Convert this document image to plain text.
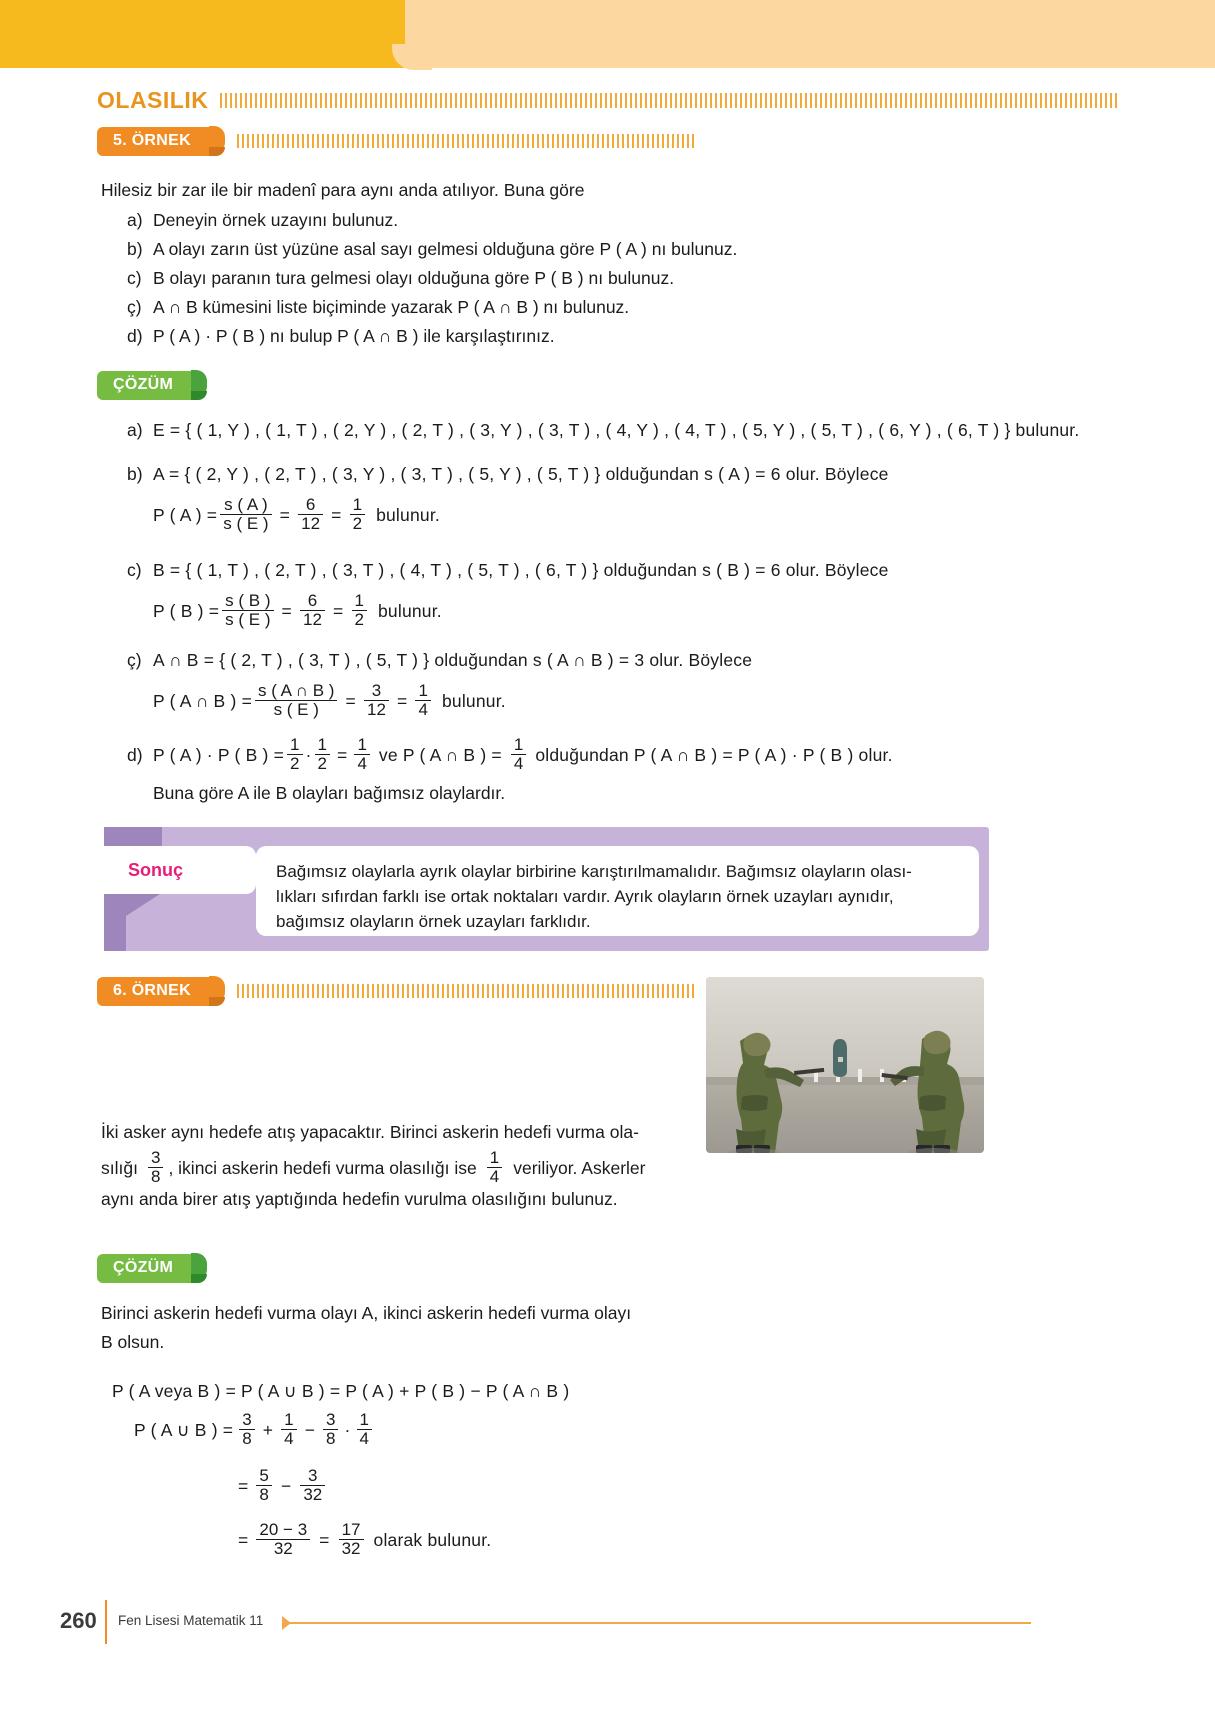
OLASILIK
5. ÖRNEK
Hilesiz bir zar ile bir madenî para aynı anda atılıyor. Buna göre
a) Deneyin örnek uzayını bulunuz.
b) A olayı zarın üst yüzüne asal sayı gelmesi olduğuna göre P ( A ) nı bulunuz.
c) B olayı paranın tura gelmesi olayı olduğuna göre P ( B ) nı bulunuz.
ç) A ∩ B kümesini liste biçiminde yazarak P ( A ∩ B ) nı bulunuz.
d) P ( A ) · P ( B ) nı bulup P ( A ∩ B ) ile karşılaştırınız.
ÇÖZÜM
a) E = { ( 1, Y ) , ( 1, T ) , ( 2, Y ) , ( 2, T ) , ( 3, Y ) , ( 3, T ) , ( 4, Y ) , ( 4, T ) , ( 5, Y ) , ( 5, T ) , ( 6, Y ) , ( 6, T ) } bulunur.
b) A = { ( 2, Y ) , ( 2, T ) , ( 3, Y ) , ( 3, T ) , ( 5, Y ) , ( 5, T ) } olduğundan s ( A ) = 6 olur. Böylece
P ( A ) = $\frac{s ( A )}{s ( E )} = \frac{6}{12} = \frac{1}{2}$ bulunur.
c) B = { ( 1, T ) , ( 2, T ) , ( 3, T ) , ( 4, T ) , ( 5, T ) , ( 6, T ) } olduğundan s ( B ) = 6 olur. Böylece
P ( B ) = $\frac{s ( B )}{s ( E )} = \frac{6}{12} = \frac{1}{2}$ bulunur.
ç) A ∩ B = { ( 2, T ) , ( 3, T ) , ( 5, T ) } olduğundan s ( A ∩ B ) = 3 olur. Böylece
P ( A ∩ B ) = $\frac{s ( A \cap B )}{s ( E )} = \frac{3}{12} = \frac{1}{4}$ bulunur.
d) P ( A ) · P ( B ) = $\frac{1}{2} \cdot \frac{1}{2} = \frac{1}{4}$ ve P ( A ∩ B ) = $\frac{1}{4}$ olduğundan P ( A ∩ B ) = P ( A ) · P ( B ) olur.
Buna göre A ile B olayları bağımsız olaylardır.
Sonuç	Bağımsız olaylarla ayrık olaylar birbirine karıştırılmamalıdır. Bağımsız olayların olası-

lıkları sıfırdan farklı ise ortak noktaları vardır. Ayrık olayların örnek uzayları aynıdır,

bağımsız olayların örnek uzayları farklıdır.

6. ÖRNEK
İki asker aynı hedefe atış yapacaktır. Birinci askerin hedefi vurma ola-
sılığı $\frac{3}{8}$ , ikinci askerin hedefi vurma olasılığı ise $\frac{1}{4}$ veriliyor. Askerler
aynı anda birer atış yaptığında hedefin vurulma olasılığını bulunuz.
ÇÖZÜM
Birinci askerin hedefi vurma olayı A, ikinci askerin hedefi vurma olayı
B olsun.
P ( A veya B ) = P ( A ∪ B ) = P ( A ) + P ( B ) − P ( A ∩ B )
P ( A ∪ B ) = $\frac{3}{8} + \frac{1}{4} - \frac{3}{8} \cdot \frac{1}{4}$
= $\frac{5}{8} - \frac{3}{32}$
= $\frac{20 - 3}{32} = \frac{17}{32}$ olarak bulunur.
260 Fen Lisesi Matematik 11
